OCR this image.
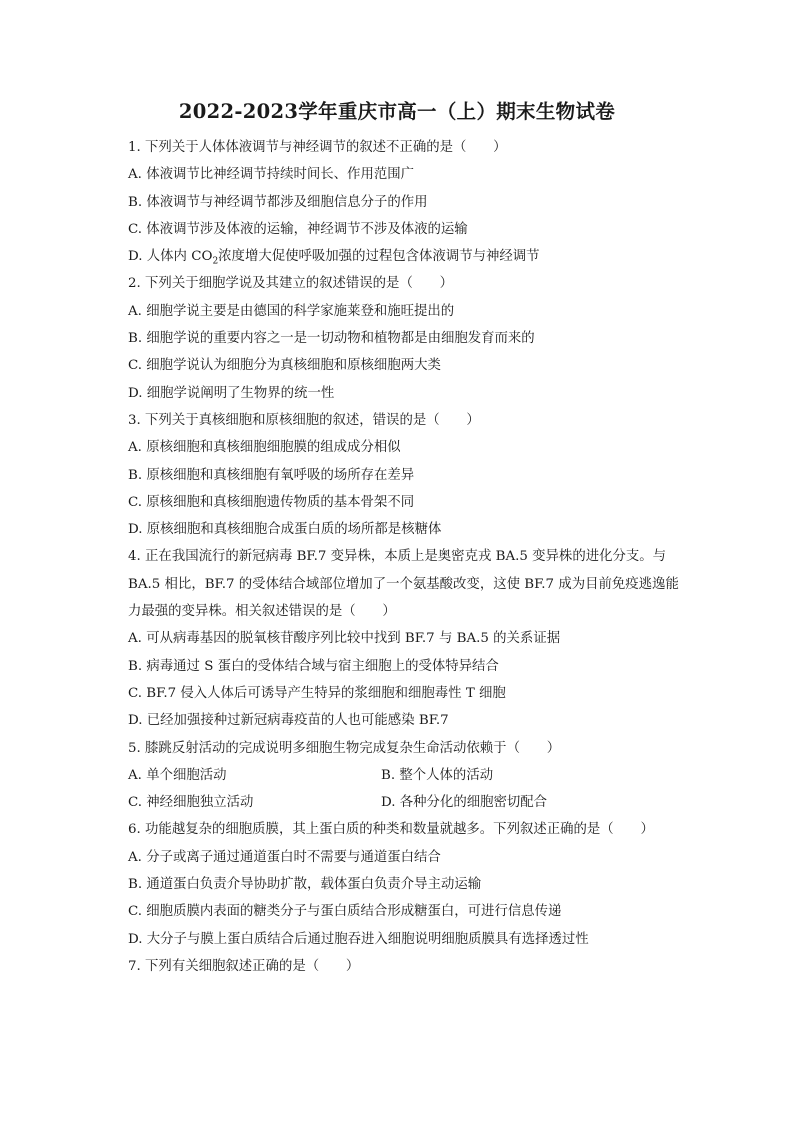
2022-2023学年重庆市高一（上）期末生物试卷
1. 下列关于人体体液调节与神经调节的叙述不正确的是（　　）
A. 体液调节比神经调节持续时间长、作用范围广
B. 体液调节与神经调节都涉及细胞信息分子的作用
C. 体液调节涉及体液的运输，神经调节不涉及体液的运输
D. 人体内 $CO_2$浓度增大促使呼吸加强的过程包含体液调节与神经调节
2. 下列关于细胞学说及其建立的叙述错误的是（　　）
A. 细胞学说主要是由德国的科学家施莱登和施旺提出的
B. 细胞学说的重要内容之一是一切动物和植物都是由细胞发育而来的
C. 细胞学说认为细胞分为真核细胞和原核细胞两大类
D. 细胞学说阐明了生物界的统一性
3. 下列关于真核细胞和原核细胞的叙述，错误的是（　　）
A. 原核细胞和真核细胞细胞膜的组成成分相似
B. 原核细胞和真核细胞有氧呼吸的场所存在差异
C. 原核细胞和真核细胞遗传物质的基本骨架不同
D. 原核细胞和真核细胞合成蛋白质的场所都是核糖体
4. 正在我国流行的新冠病毒 BF.7 变异株，本质上是奥密克戎 BA.5 变异株的进化分支。与
BA.5 相比，BF.7 的受体结合域部位增加了一个氨基酸改变，这使 BF.7 成为目前免疫逃逸能
力最强的变异株。相关叙述错误的是（　　）
A. 可从病毒基因的脱氧核苷酸序列比较中找到 BF.7 与 BA.5 的关系证据
B. 病毒通过 S 蛋白的受体结合域与宿主细胞上的受体特异结合
C. BF.7 侵入人体后可诱导产生特异的浆细胞和细胞毒性 T 细胞
D. 已经加强接种过新冠病毒疫苗的人也可能感染 BF.7
5. 膝跳反射活动的完成说明多细胞生物完成复杂生命活动依赖于（　　）
A. 单个细胞活动	B. 整个人体的活动
C. 神经细胞独立活动	D. 各种分化的细胞密切配合
6. 功能越复杂的细胞质膜，其上蛋白质的种类和数量就越多。下列叙述正确的是（　　）
A. 分子或离子通过通道蛋白时不需要与通道蛋白结合
B. 通道蛋白负责介导协助扩散，载体蛋白负责介导主动运输
C. 细胞质膜内表面的糖类分子与蛋白质结合形成糖蛋白，可进行信息传递
D. 大分子与膜上蛋白质结合后通过胞吞进入细胞说明细胞质膜具有选择透过性
7. 下列有关细胞叙述正确的是（　　）
